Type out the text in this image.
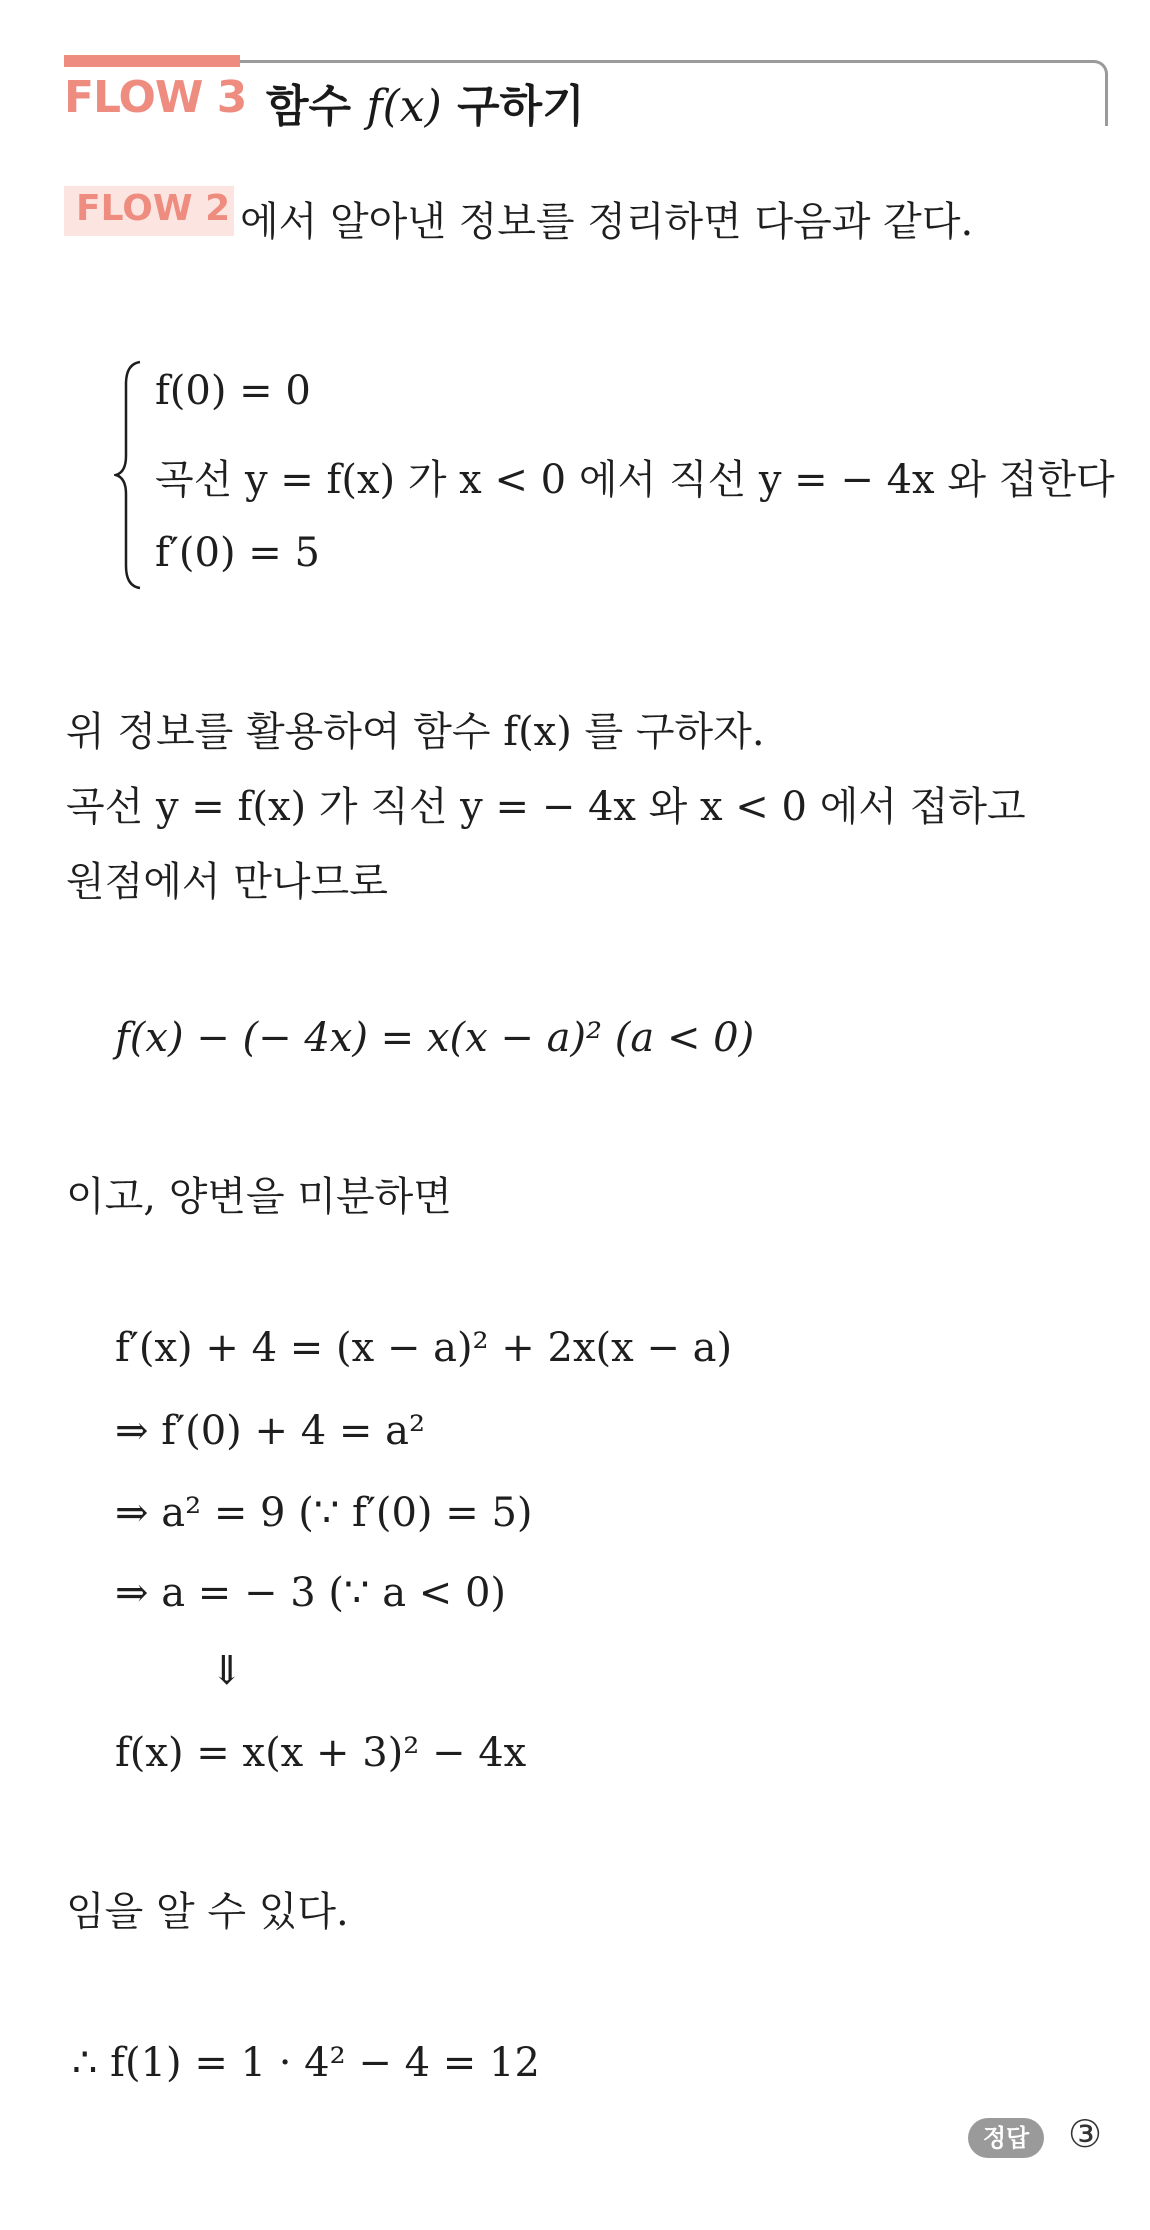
FLOW 3 함수 f(x) 구하기
FLOW 2 에서 알아낸 정보를 정리하면 다음과 같다.
f(0) = 0
곡선 y = f(x) 가 x < 0 에서 직선 y = − 4x 와 접한다
f′(0) = 5
위 정보를 활용하여 함수 f(x) 를 구하자.
곡선 y = f(x) 가 직선 y = − 4x 와 x < 0 에서 접하고
원점에서 만나므로
f(x) − (− 4x) = x(x − a)² (a < 0)
이고, 양변을 미분하면
f′(x) + 4 = (x − a)² + 2x(x − a)
⇒ f′(0) + 4 = a²
⇒ a² = 9 (∵ f′(0) = 5)
⇒ a = − 3 (∵ a < 0)
⇓
f(x) = x(x + 3)² − 4x
임을 알 수 있다.
∴ f(1) = 1 · 4² − 4 = 12
정답	③
